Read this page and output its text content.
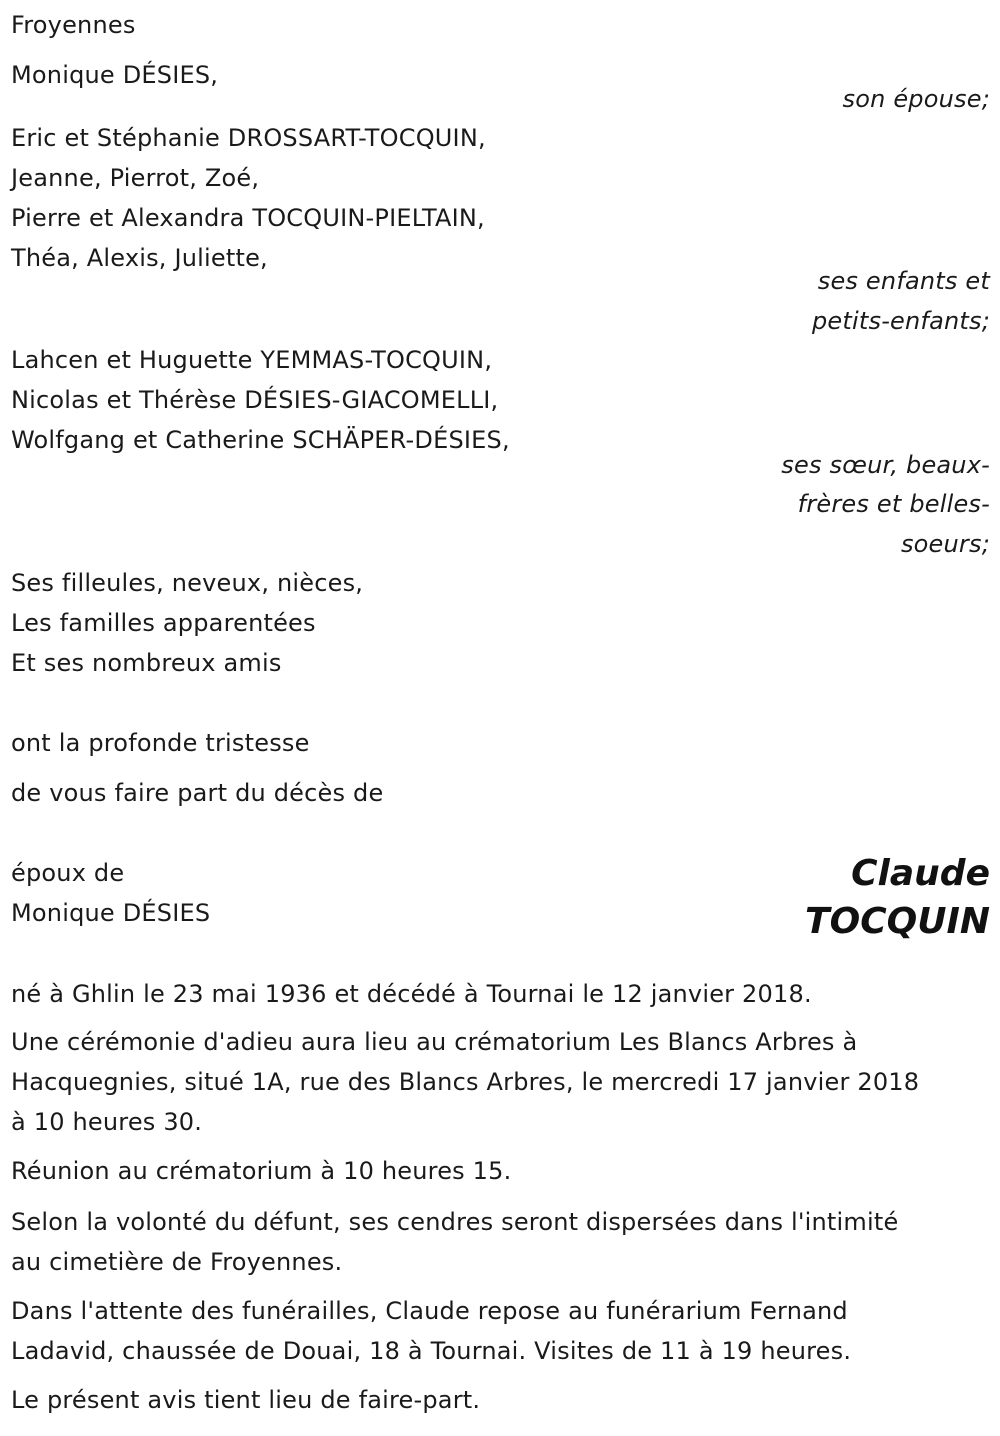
Froyennes
Monique DÉSIES,
son épouse;
Eric et Stéphanie DROSSART-TOCQUIN,
Jeanne, Pierrot, Zoé,
Pierre et Alexandra TOCQUIN-PIELTAIN,
Théa, Alexis, Juliette,
ses enfants et
petits-enfants;
Lahcen et Huguette YEMMAS-TOCQUIN,
Nicolas et Thérèse DÉSIES-GIACOMELLI,
Wolfgang et Catherine SCHÄPER-DÉSIES,
ses sœur, beaux-
frères et belles-
soeurs;
Ses filleules, neveux, nièces,
Les familles apparentées
Et ses nombreux amis
ont la profonde tristesse
de vous faire part du décès de
époux de
Monique DÉSIES
Claude
TOCQUIN
né à Ghlin le 23 mai 1936 et décédé à Tournai le 12 janvier 2018.
Une cérémonie d'adieu aura lieu au crématorium Les Blancs Arbres à
Hacquegnies, situé 1A, rue des Blancs Arbres, le mercredi 17 janvier 2018
à 10 heures 30.
Réunion au crématorium à 10 heures 15.
Selon la volonté du défunt, ses cendres seront dispersées dans l'intimité
au cimetière de Froyennes.
Dans l'attente des funérailles, Claude repose au funérarium Fernand
Ladavid, chaussée de Douai, 18 à Tournai. Visites de 11 à 19 heures.
Le présent avis tient lieu de faire-part.
